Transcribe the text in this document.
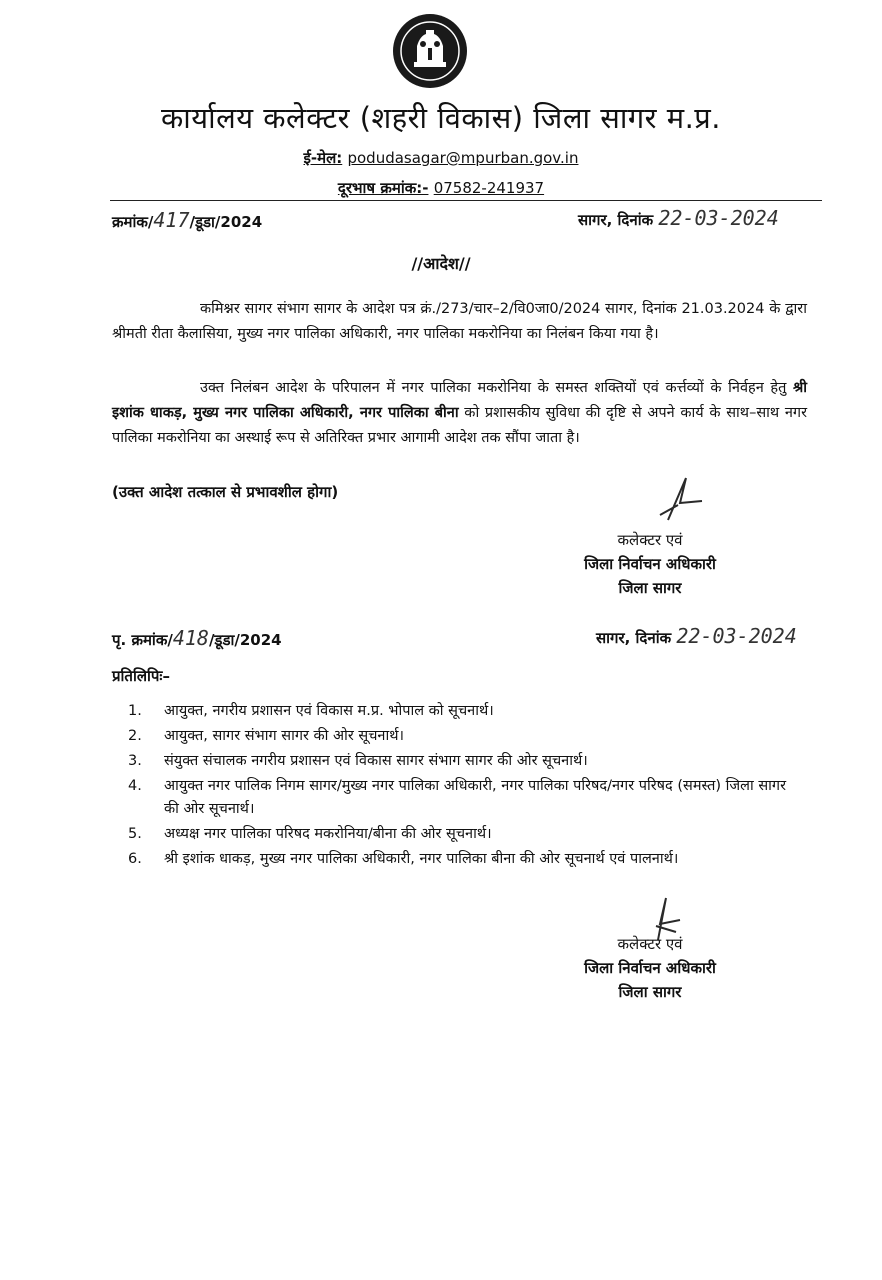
कार्यालय कलेक्टर (शहरी विकास) जिला सागर म.प्र.
ई-मेल: podudasagar@mpurban.gov.in
दूरभाष क्रमांक:- 07582-241937
क्रमांक/417/डूडा/2024	सागर, दिनांक 22-03-2024
//आदेश//
कमिश्नर सागर संभाग सागर के आदेश पत्र क्रं./273/चार–2/वि0जा0/2024 सागर, दिनांक 21.03.2024 के द्वारा श्रीमती रीता कैलासिया, मुख्य नगर पालिका अधिकारी, नगर पालिका मकरोनिया का निलंबन किया गया है।
उक्त निलंबन आदेश के परिपालन में नगर पालिका मकरोनिया के समस्त शक्तियों एवं कर्त्तव्यों के निर्वहन हेतु श्री इशांक धाकड़, मुख्य नगर पालिका अधिकारी, नगर पालिका बीना को प्रशासकीय सुविधा की दृष्टि से अपने कार्य के साथ–साथ नगर पालिका मकरोनिया का अस्थाई रूप से अतिरिक्त प्रभार आगामी आदेश तक सौंपा जाता है।
(उक्त आदेश तत्काल से प्रभावशील होगा)
कलेक्टर एवं
जिला निर्वाचन अधिकारी
जिला सागर
पृ. क्रमांक/418/डूडा/2024	सागर, दिनांक 22-03-2024
प्रतिलिपिः–
1. आयुक्त, नगरीय प्रशासन एवं विकास म.प्र. भोपाल को सूचनार्थ।
2. आयुक्त, सागर संभाग सागर की ओर सूचनार्थ।
3. संयुक्त संचालक नगरीय प्रशासन एवं विकास सागर संभाग सागर की ओर सूचनार्थ।
4. आयुक्त नगर पालिक निगम सागर/मुख्य नगर पालिका अधिकारी, नगर पालिका परिषद/नगर परिषद (समस्त) जिला सागर की ओर सूचनार्थ।
5. अध्यक्ष नगर पालिका परिषद मकरोनिया/बीना की ओर सूचनार्थ।
6. श्री इशांक धाकड़, मुख्य नगर पालिका अधिकारी, नगर पालिका बीना की ओर सूचनार्थ एवं पालनार्थ।
कलेक्टर एवं
जिला निर्वाचन अधिकारी
जिला सागर
